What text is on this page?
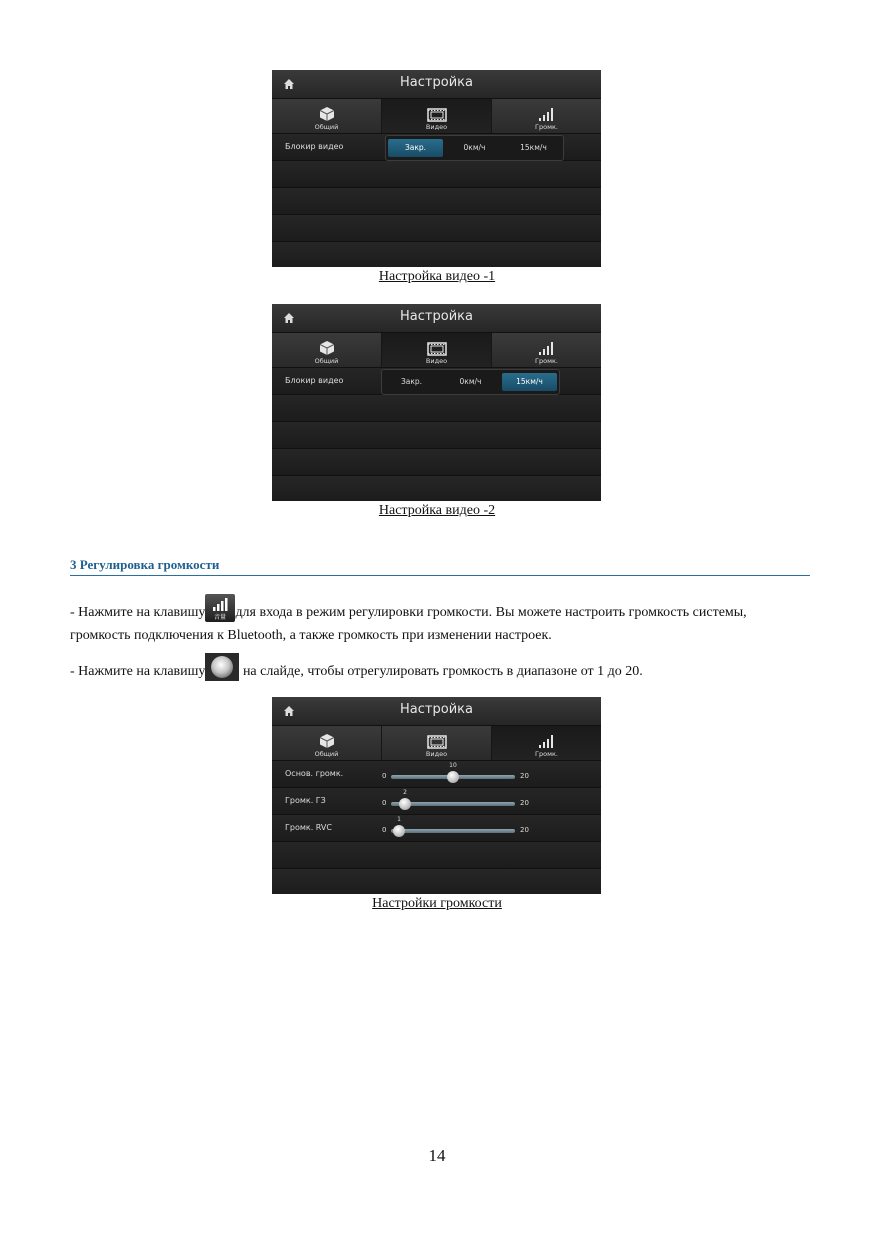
Настройка
Общий	Видео	Громк.
Блокир видео	Закр.	0км/ч	15км/ч
Настройка видео -1
Настройка
Общий	Видео	Громк.
Блокир видео	Закр.	0км/ч	15км/ч
Настройка видео -2
3 Регулировка громкости
- Нажмите на клавишу 音量 для входа в режим регулировки громкости. Вы можете настроить громкость системы, громкость подключения к Bluetooth, а также громкость при изменении настроек.
- Нажмите на клавишу на слайде, чтобы отрегулировать громкость в диапазоне от 1 до 20.
Настройка
Общий	Видео	Громк.
Основ. громк.	0
10
20
Громк. ГЗ	0
2
20
Громк. RVC	0
1
20
Настройки громкости
14
